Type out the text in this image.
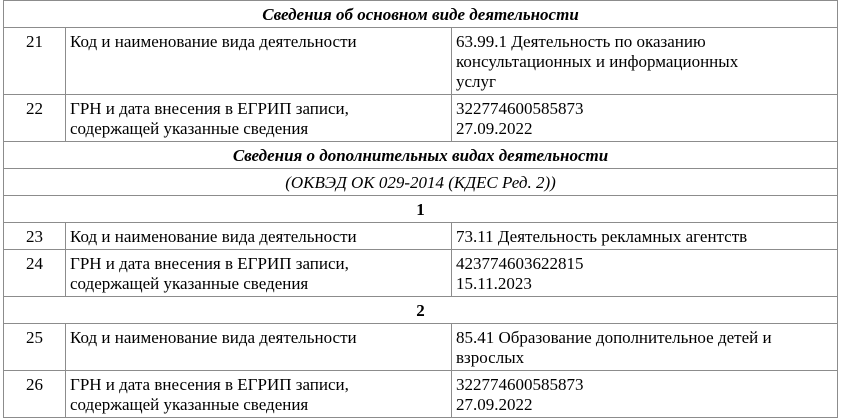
Сведения об основном виде деятельности		
21	Код и наименование вида деятельности	63.99.1 Деятельность по оказанию
консультационных и информационных
услуг

22	ГРН и дата внесения в ЕГРИП записи,
содержащей указанные сведения	322774600585873
27.09.2022

Сведения о дополнительных видах деятельности		
(ОКВЭД ОК 029-2014 (КДЕС Ред. 2))		
1		
23	Код и наименование вида деятельности	73.11 Деятельность рекламных агентств

24	ГРН и дата внесения в ЕГРИП записи,
содержащей указанные сведения	423774603622815
15.11.2023

2		
25	Код и наименование вида деятельности	85.41 Образование дополнительное детей и
взрослых

26	ГРН и дата внесения в ЕГРИП записи,
содержащей указанные сведения	322774600585873
27.09.2022
